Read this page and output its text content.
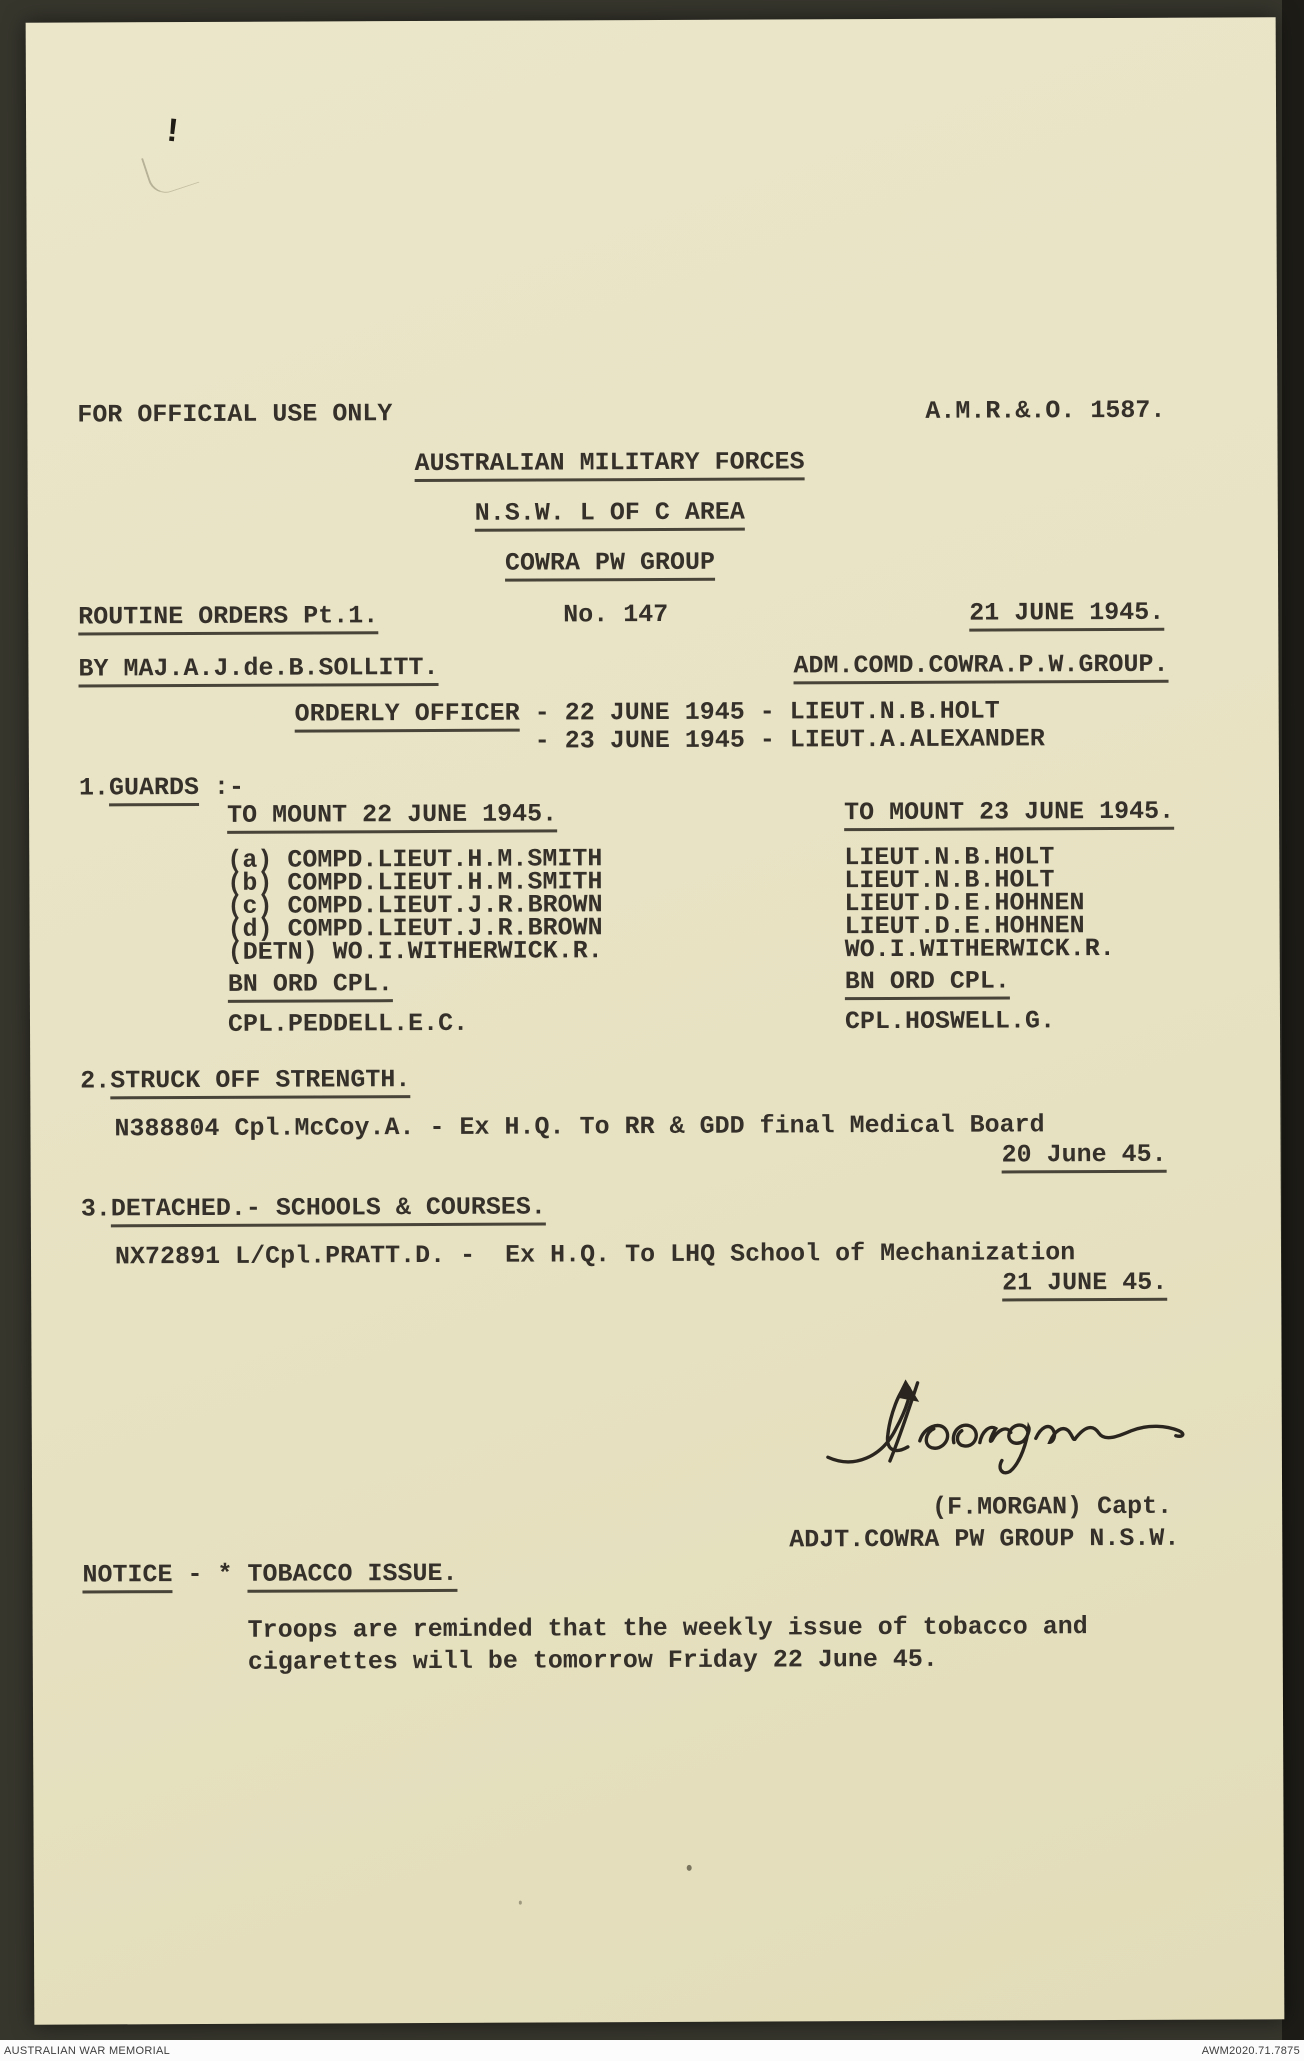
!
FOR OFFICIAL USE ONLY	A.M.R.&.O. 1587.
AUSTRALIAN MILITARY FORCES
N.S.W. L OF C AREA
COWRA PW GROUP
ROUTINE ORDERS Pt.1.	No. 147	21 JUNE 1945.
BY MAJ.A.J.de.B.SOLLITT.	ADM.COMD.COWRA.P.W.GROUP.
ORDERLY OFFICER - 22 JUNE 1945 - LIEUT.N.B.HOLT
- 23 JUNE 1945 - LIEUT.A.ALEXANDER
1.GUARDS :-
TO MOUNT 22 JUNE 1945.	TO MOUNT 23 JUNE 1945.
(a) COMPD.LIEUT.H.M.SMITH	LIEUT.N.B.HOLT
(b) COMPD.LIEUT.H.M.SMITH	LIEUT.N.B.HOLT
(c) COMPD.LIEUT.J.R.BROWN	LIEUT.D.E.HOHNEN
(d) COMPD.LIEUT.J.R.BROWN	LIEUT.D.E.HOHNEN
(DETN) WO.I.WITHERWICK.R.	WO.I.WITHERWICK.R.
BN ORD CPL.	BN ORD CPL.
CPL.PEDDELL.E.C.	CPL.HOSWELL.G.
2.STRUCK OFF STRENGTH.
N388804 Cpl.McCoy.A. - Ex H.Q. To RR & GDD final Medical Board
20 June 45.
3.DETACHED.- SCHOOLS & COURSES.
NX72891 L/Cpl.PRATT.D. -  Ex H.Q. To LHQ School of Mechanization
21 JUNE 45.
(F.MORGAN) Capt.
ADJT.COWRA PW GROUP N.S.W.
NOTICE - * TOBACCO ISSUE.
Troops are reminded that the weekly issue of tobacco and
cigarettes will be tomorrow Friday 22 June 45.
AUSTRALIAN WAR MEMORIAL	AWM2020.71.7875
